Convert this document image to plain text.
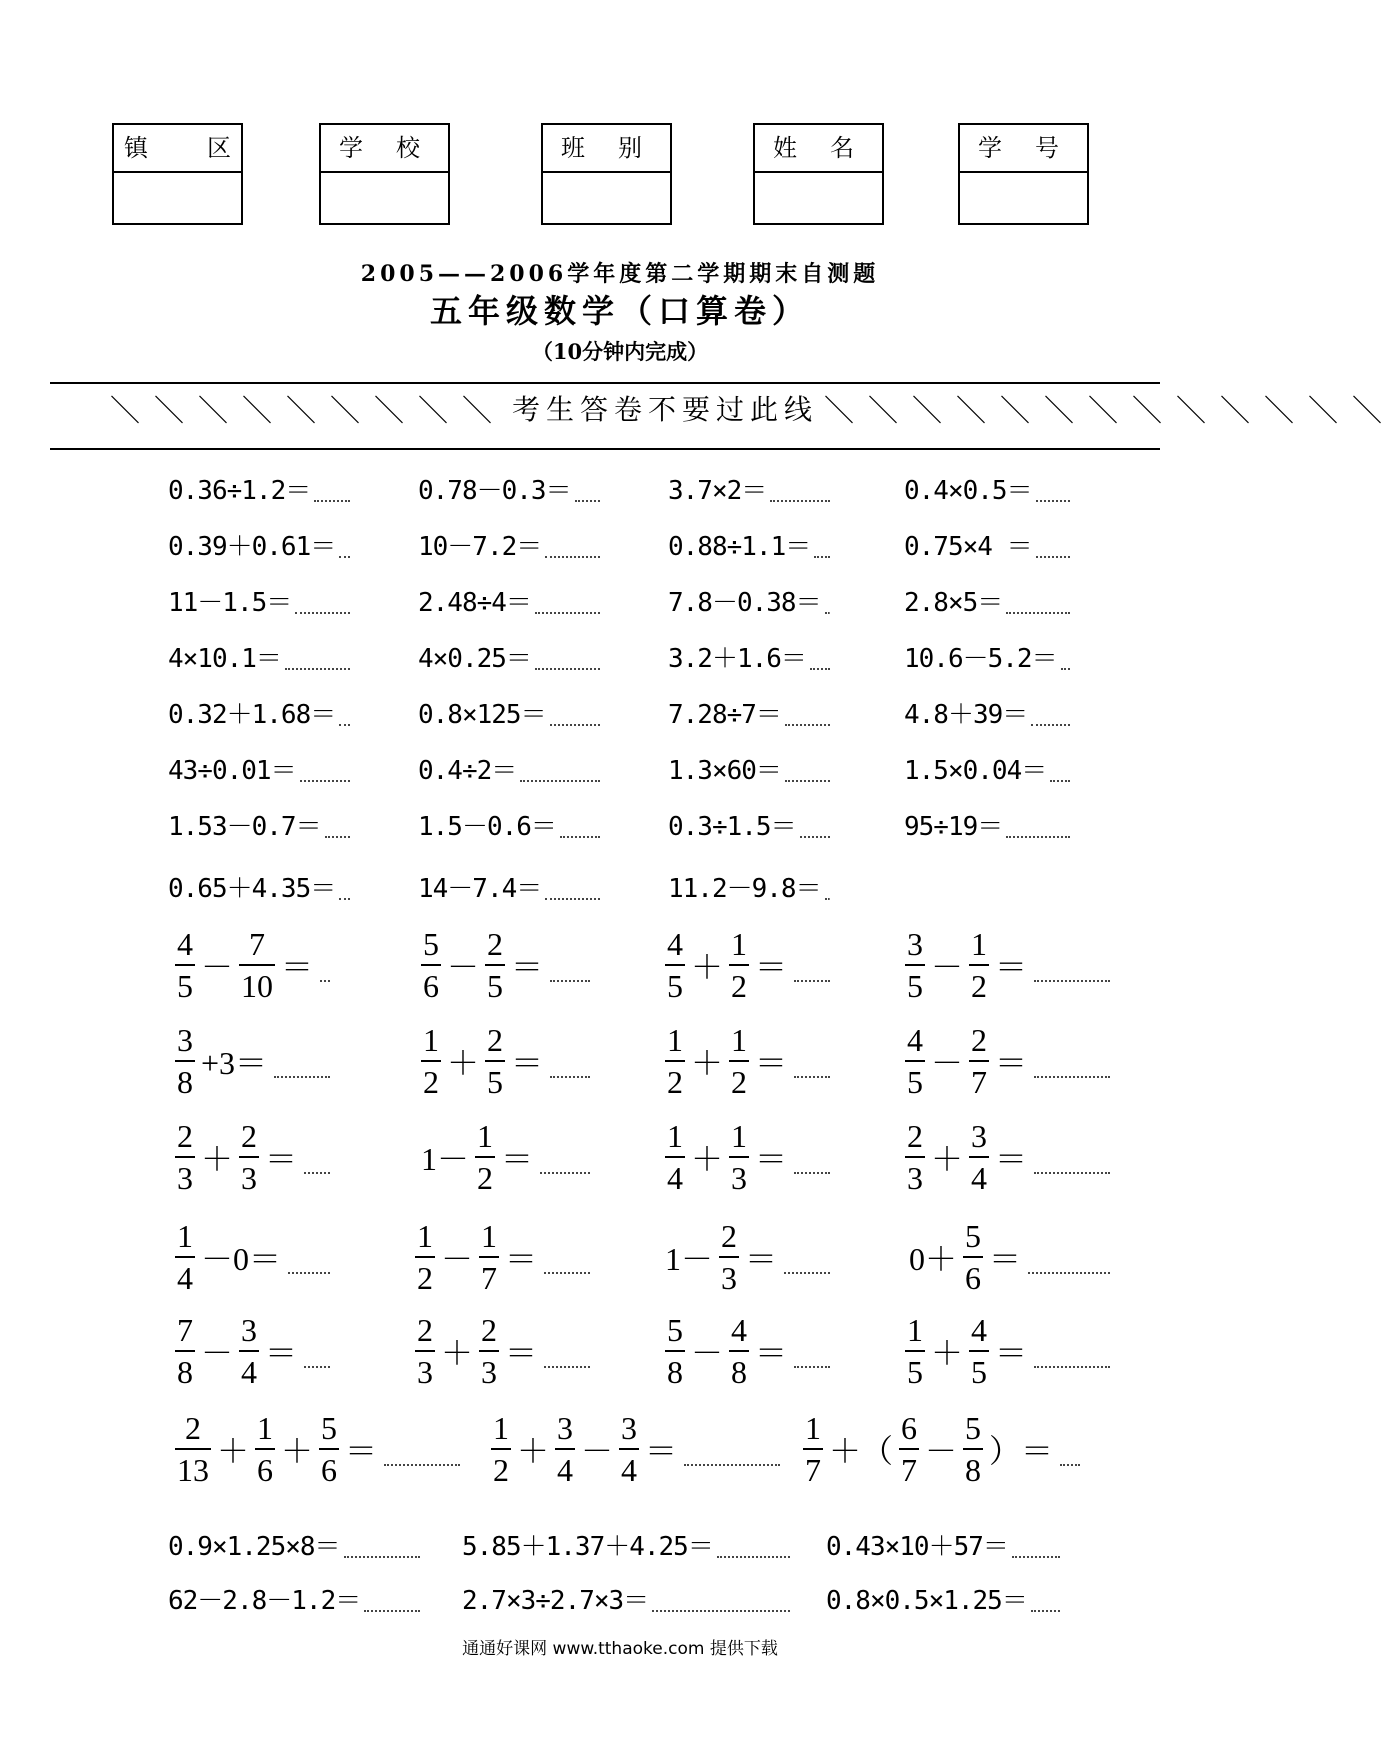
镇 区	学 校	班 别	姓 名	学 号
2005——2006学年度第二学期期末自测题
五年级数学（口算卷）
（10分钟内完成）
＼＼＼＼＼＼＼＼＼ 考生答卷不要过此线 ＼＼＼＼＼＼＼＼＼＼＼＼＼
0.36÷1.2＝	0.78－0.3＝	3.7×2＝	0.4×0.5＝
0.39＋0.61＝	10－7.2＝	0.88÷1.1＝	0.75×4 ＝
11－1.5＝	2.48÷4＝	7.8－0.38＝	2.8×5＝
4×10.1＝	4×0.25＝	3.2＋1.6＝	10.6－5.2＝
0.32＋1.68＝	0.8×125＝	7.28÷7＝	4.8＋39＝
43÷0.01＝	0.4÷2＝	1.3×60＝	1.5×0.04＝
1.53－0.7＝	1.5－0.6＝	0.3÷1.5＝	95÷19＝
0.65＋4.35＝	14－7.4＝	11.2－9.8＝
$\frac{4}{5} - \frac{7}{10}$ ＝	$\frac{5}{6} - \frac{2}{5}$ ＝	$\frac{4}{5} + \frac{1}{2}$ ＝	$\frac{3}{5} - \frac{1}{2}$ ＝
$\frac{3}{8} +3=$	$\frac{1}{2} + \frac{2}{5}$ ＝	$\frac{1}{2} + \frac{1}{2}$ ＝	$\frac{4}{5} - \frac{2}{7}$ ＝
$\frac{2}{3} + \frac{2}{3}$ ＝	$1- \frac{1}{2}$ ＝	$\frac{1}{4} + \frac{1}{3}$ ＝	$\frac{2}{3} + \frac{3}{4}$ ＝
$\frac{1}{4} -0=$	$\frac{1}{2} - \frac{1}{7}$ ＝	$1- \frac{2}{3}$ ＝	$0+ \frac{5}{6}$ ＝
$\frac{7}{8} - \frac{3}{4}$ ＝	$\frac{2}{3} + \frac{2}{3}$ ＝	$\frac{5}{8} - \frac{4}{8}$ ＝	$\frac{1}{5} + \frac{4}{5}$ ＝
$\frac{2}{13} + \frac{1}{6} + \frac{5}{6}$ ＝	$\frac{1}{2} + \frac{3}{4} - \frac{3}{4}$ ＝	$\frac{1}{7}$ ＋（ $\frac{6}{7} - \frac{5}{8}$ ）＝
0.9×1.25×8＝	5.85＋1.37＋4.25＝	0.43×10＋57＝
62－2.8－1.2＝	2.7×3÷2.7×3＝	0.8×0.5×1.25＝
通通好课网 www.tthaoke.com 提供下载
